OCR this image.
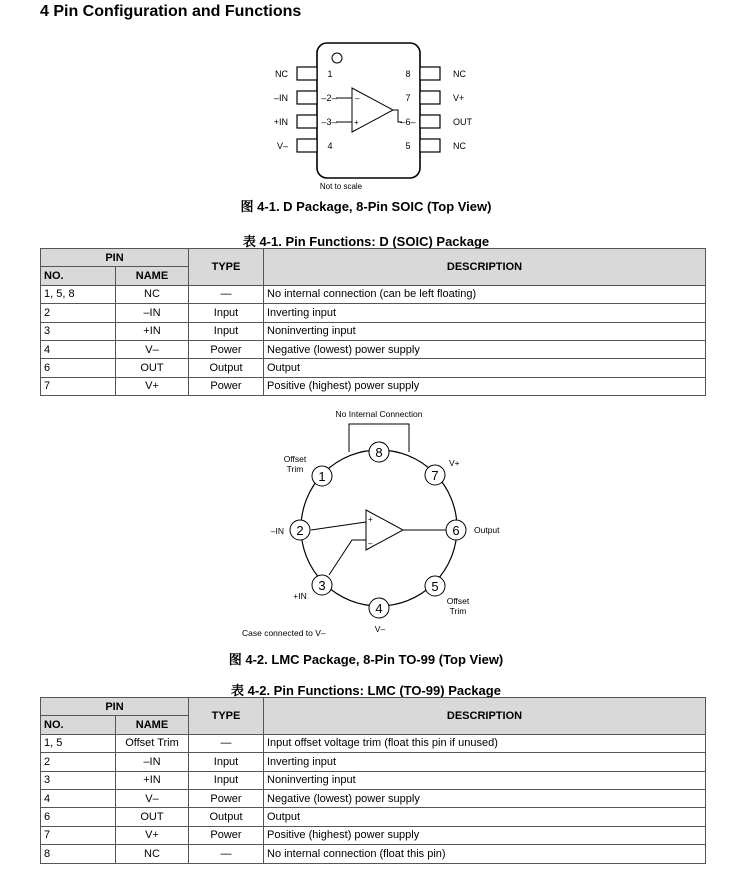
4 Pin Configuration and Functions
NC
–IN
+IN
V–
1
–2–
–3–
4
8
7
–6–
5
NC
V+
OUT
NC
–
+
Not to scale
图 4-1. D Package, 8-Pin SOIC (Top View)
表 4-1. Pin Functions: D (SOIC) Package
PIN		TYPE	DESCRIPTION
NO.	NAME		
1, 5, 8	NC	—	No internal connection (can be left floating)
2	–IN	Input	Inverting input
3	+IN	Input	Noninverting input
4	V–	Power	Negative (lowest) power supply
6	OUT	Output	Output
7	V+	Power	Positive (highest) power supply
No Internal Connection
+
–
1
2
3
4
5
6
7
8
Offset
Trim
–IN
+IN
V–
Offset
Trim
Output
V+
Case connected to V–
图 4-2. LMC Package, 8-Pin TO-99 (Top View)
表 4-2. Pin Functions: LMC (TO-99) Package
PIN		TYPE	DESCRIPTION
NO.	NAME		
1, 5	Offset Trim	—	Input offset voltage trim (float this pin if unused)
2	–IN	Input	Inverting input
3	+IN	Input	Noninverting input
4	V–	Power	Negative (lowest) power supply
6	OUT	Output	Output
7	V+	Power	Positive (highest) power supply
8	NC	—	No internal connection (float this pin)
